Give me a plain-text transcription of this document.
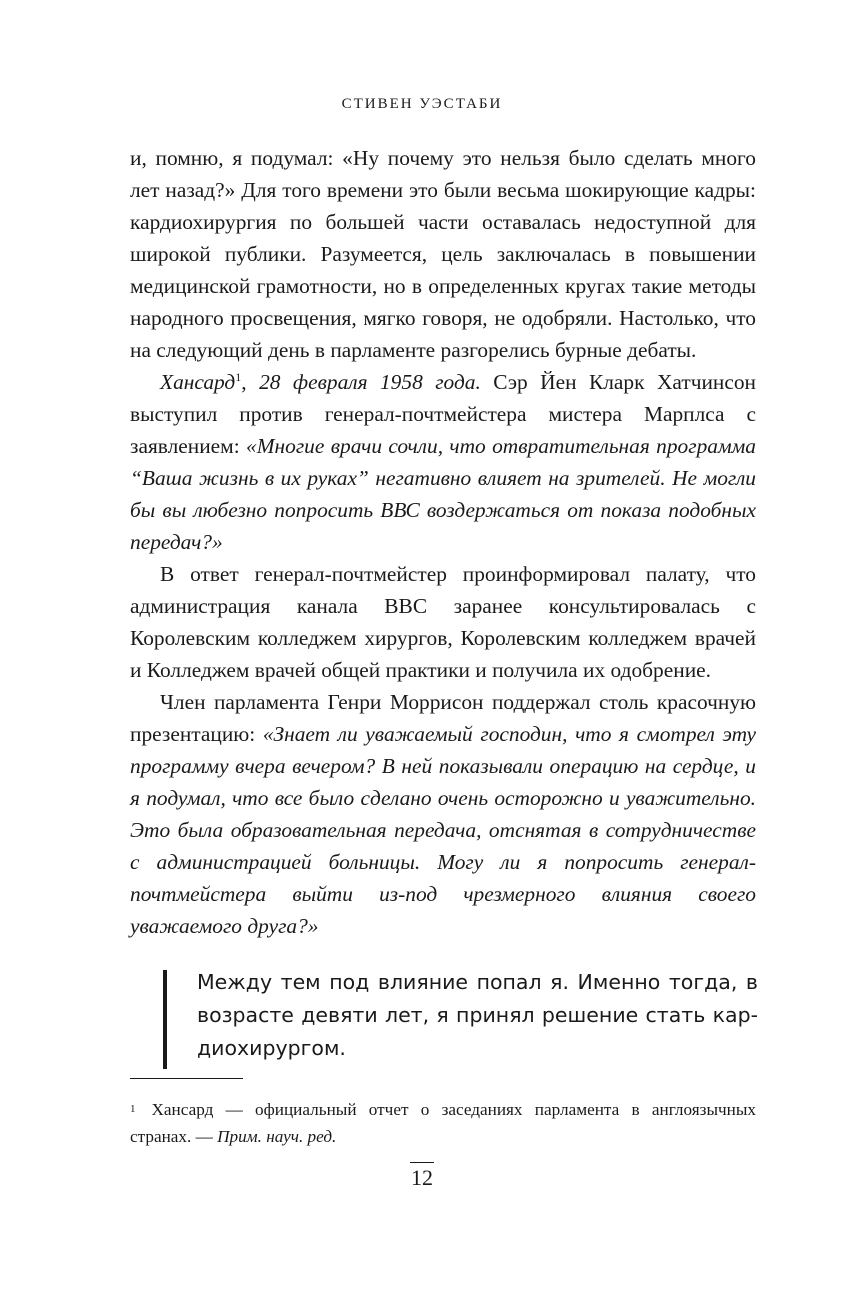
СТИВЕН УЭСТАБИ

и, помню, я подумал: «Ну почему это нельзя было сделать много лет назад?» Для того времени это были весьма шокирующие кадры: кардиохирургия по большей части оставалась недоступной для широкой публики. Разумеется, цель заключалась в повышении медицинской грамотности, но в определенных кругах такие методы народного просвещения, мягко говоря, не одобряли. Настолько, что на следующий день в парламенте разгорелись бурные дебаты.

Хансард$^1$, 28 февраля 1958 года. Сэр Йен Кларк Хатчинсон выступил против генерал-почтмейстера мистера Марплса с заявлением: «Многие врачи сочли, что отвратительная программа “Ваша жизнь в их руках” негативно влияет на зрителей. Не могли бы вы любезно попросить ВВС воздержаться от показа подобных передач?»

В ответ генерал-почтмейстер проинформировал палату, что администрация канала ВВС заранее консультировалась с Королевским колледжем хирургов, Королевским колледжем врачей и Колледжем врачей общей практики и получила их одобрение.

Член парламента Генри Моррисон поддержал столь красочную презентацию: «Знает ли уважаемый господин, что я смотрел эту программу вчера вечером? В ней показывали операцию на сердце, и я подумал, что все было сделано очень осторожно и уважительно. Это была образовательная передача, отснятая в сотрудничестве с администрацией больницы. Могу ли я попросить генерал-почтмейстера выйти из-под чрезмерного влияния своего уважаемого друга?»

Между тем под влияние попал я. Именно тогда, в возрасте девяти лет, я принял решение стать кардиохирургом.

$^1$ Хансард — официальный отчет о заседаниях парламента в англоязычных странах. — Прим. науч. ред.
12
